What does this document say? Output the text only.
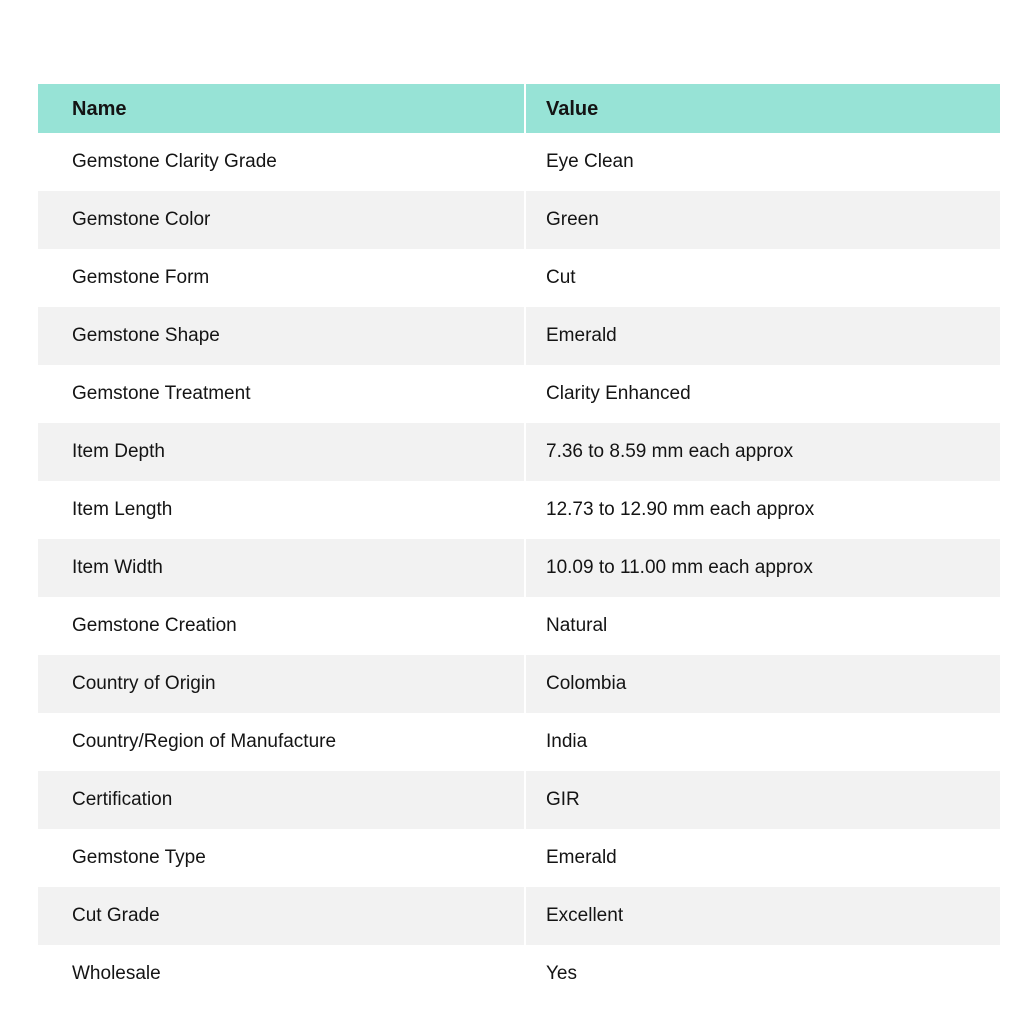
Name	Value
Gemstone Clarity Grade	Eye Clean
Gemstone Color	Green
Gemstone Form	Cut
Gemstone Shape	Emerald
Gemstone Treatment	Clarity Enhanced
Item Depth	7.36 to 8.59 mm each approx
Item Length	12.73 to 12.90 mm each approx
Item Width	10.09 to 11.00 mm each approx
Gemstone Creation	Natural
Country of Origin	Colombia
Country/Region of Manufacture	India
Certification	GIR
Gemstone Type	Emerald
Cut Grade	Excellent
Wholesale	Yes
